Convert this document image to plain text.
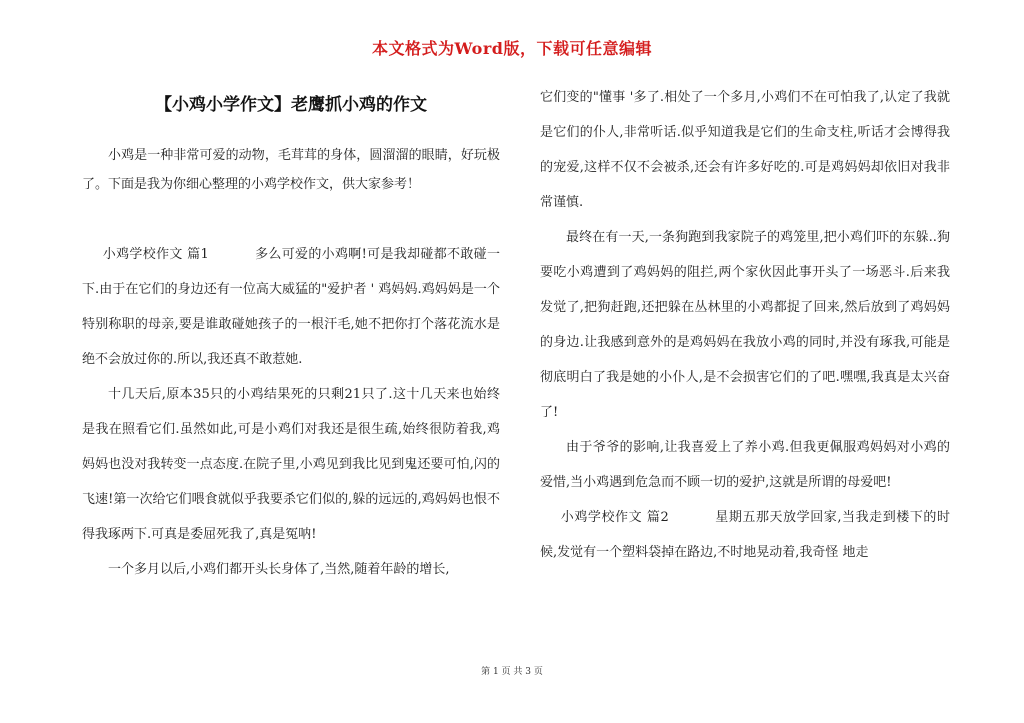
本文格式为Word版，下载可任意编辑
【小鸡小学作文】老鹰抓小鸡的作文

小鸡是一种非常可爱的动物，毛茸茸的身体，圆溜溜的眼睛，好玩极了。下面是我为你细心整理的小鸡学校作文，供大家参考！

小鸡学校作文 篇1	多么可爱的小鸡啊!可是我却碰都不敢碰一下.由于在它们的身边还有一位高大威猛的"爱护者 ' 鸡妈妈.鸡妈妈是一个特别称职的母亲,要是谁敢碰她孩子的一根汗毛,她不把你打个落花流水是绝不会放过你的.所以,我还真不敢惹她.

十几天后,原本35只的小鸡结果死的只剩21只了.这十几天来也始终是我在照看它们.虽然如此,可是小鸡们对我还是很生疏,始终很防着我,鸡妈妈也没对我转变一点态度.在院子里,小鸡见到我比见到鬼还要可怕,闪的飞速!第一次给它们喂食就似乎我要杀它们似的,躲的远远的,鸡妈妈也恨不得我琢两下.可真是委屈死我了,真是冤呐!

一个多月以后,小鸡们都开头长身体了,当然,随着年龄的增长,

它们变的"懂事 '多了.相处了一个多月,小鸡们不在可怕我了,认定了我就是它们的仆人,非常听话.似乎知道我是它们的生命支柱,听话才会博得我的宠爱,这样不仅不会被杀,还会有许多好吃的.可是鸡妈妈却依旧对我非常谨慎.

最终在有一天,一条狗跑到我家院子的鸡笼里,把小鸡们吓的东躲..狗要吃小鸡遭到了鸡妈妈的阻拦,两个家伙因此事开头了一场恶斗.后来我发觉了,把狗赶跑,还把躲在丛林里的小鸡都捉了回来,然后放到了鸡妈妈的身边.让我感到意外的是鸡妈妈在我放小鸡的同时,并没有琢我,可能是彻底明白了我是她的小仆人,是不会损害它们的了吧.嘿嘿,我真是太兴奋了!

由于爷爷的影响,让我喜爱上了养小鸡.但我更佩服鸡妈妈对小鸡的爱惜,当小鸡遇到危急而不顾一切的爱护,这就是所谓的母爱吧!

小鸡学校作文 篇2	星期五那天放学回家,当我走到楼下的时候,发觉有一个塑料袋掉在路边,不时地晃动着,我奇怪 地走

第 1 页 共 3 页
